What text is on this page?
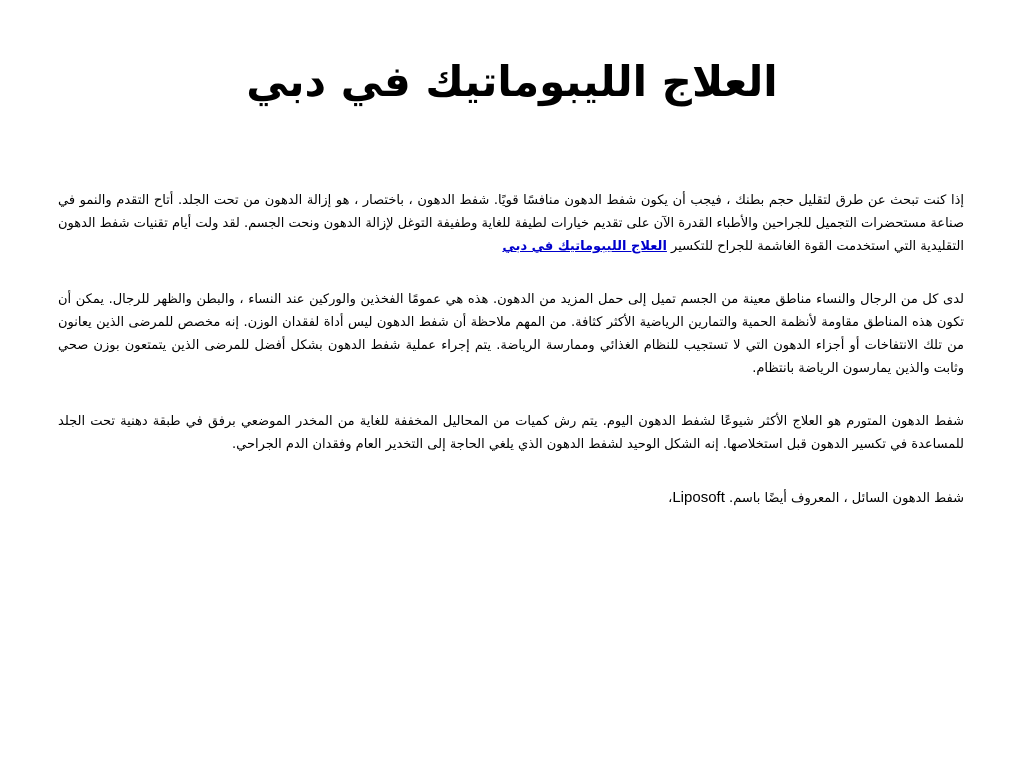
العلاج الليبوماتيك في دبي

إذا كنت تبحث عن طرق لتقليل حجم بطنك ، فيجب أن يكون شفط الدهون منافسًا قويًا. شفط الدهون ، باختصار ، هو إزالة الدهون من تحت الجلد. أتاح التقدم والنمو في صناعة مستحضرات التجميل للجراحين والأطباء القدرة الآن على تقديم خيارات لطيفة للغاية وطفيفة التوغل لإزالة الدهون ونحت الجسم. لقد ولت أيام تقنيات شفط الدهون التقليدية التي استخدمت القوة الغاشمة للجراح للتكسير العلاج الليبوماتيك في دبي

لدى كل من الرجال والنساء مناطق معينة من الجسم تميل إلى حمل المزيد من الدهون. هذه هي عمومًا الفخذين والوركين عند النساء ، والبطن والظهر للرجال. يمكن أن تكون هذه المناطق مقاومة لأنظمة الحمية والتمارين الرياضية الأكثر كثافة. من المهم ملاحظة أن شفط الدهون ليس أداة لفقدان الوزن. إنه مخصص للمرضى الذين يعانون من تلك الانتفاخات أو أجزاء الدهون التي لا تستجيب للنظام الغذائي وممارسة الرياضة. يتم إجراء عملية شفط الدهون بشكل أفضل للمرضى الذين يتمتعون بوزن صحي وثابت والذين يمارسون الرياضة بانتظام.

شفط الدهون المتورم هو العلاج الأكثر شيوعًا لشفط الدهون اليوم. يتم رش كميات من المحاليل المخففة للغاية من المخدر الموضعي برفق في طبقة دهنية تحت الجلد للمساعدة في تكسير الدهون قبل استخلاصها. إنه الشكل الوحيد لشفط الدهون الذي يلغي الحاجة إلى التخدير العام وفقدان الدم الجراحي.

شفط الدهون السائل ، المعروف أيضًا باسمLiposoft .،
